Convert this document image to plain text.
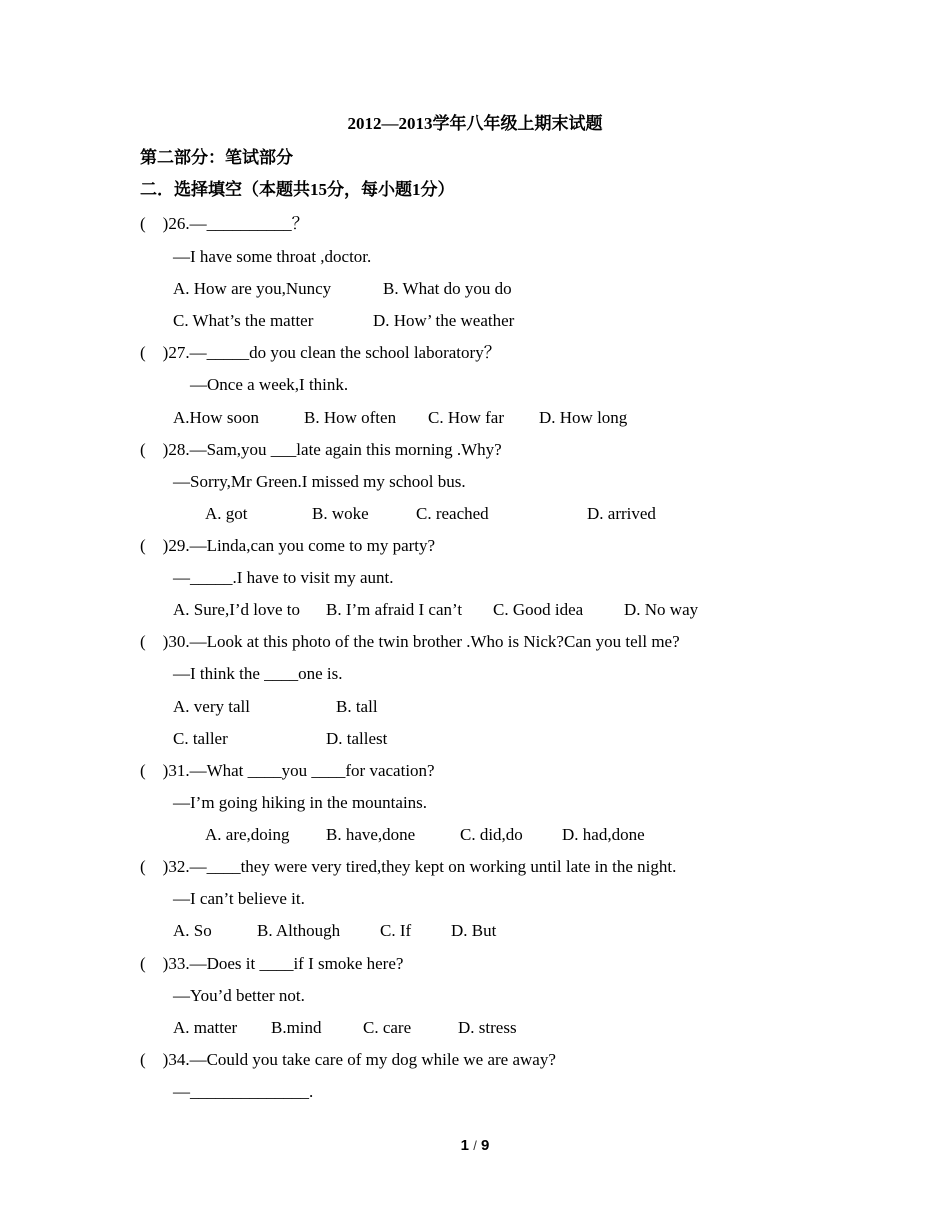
2012—2013学年八年级上期末试题
第二部分：笔试部分
二．选择填空（本题共15分，每小题1分）
(    )26.—__________？
—I have some throat ,doctor.

A. How are you,Nuncy

	B. What do you do

C. What’s the matter

	D. How’ the weather

(    )27.—_____do you clean the school laboratory？
—Once a week,I think.

A.How soon

	B. How often

C. How far

D. How long

(    )28.—Sam,you ___late again this morning .Why?
—Sorry,Mr Green.I missed my school bus.

A. got

	B. woke

	C. reached

	D. arrived

(    )29.—Linda,can you come to my party?
—_____.I have to visit my aunt.

A. Sure,I’d love to

B. I’m afraid I can’t

C. Good idea

D. No way

(    )30.—Look at this photo of the twin brother .Who is Nick?Can you tell me?
—I think the ____one is.

A. very tall

	B. tall

C. taller

	D. tallest

(    )31.—What ____you ____for vacation?
—I’m going hiking in the mountains.

A. are,doing

B. have,done

	C. did,do

D. had,done

(    )32.—____they were very tired,they kept on working until late in the night.
—I can’t believe it.

A. So

	B. Although

C. If

D. But

(    )33.—Does it ____if I smoke here?
—You’d better not.

A. matter

B.mind

C. care

	D. stress

(    )34.—Could you take care of my dog while we are away?
—______________.
1 / 9
